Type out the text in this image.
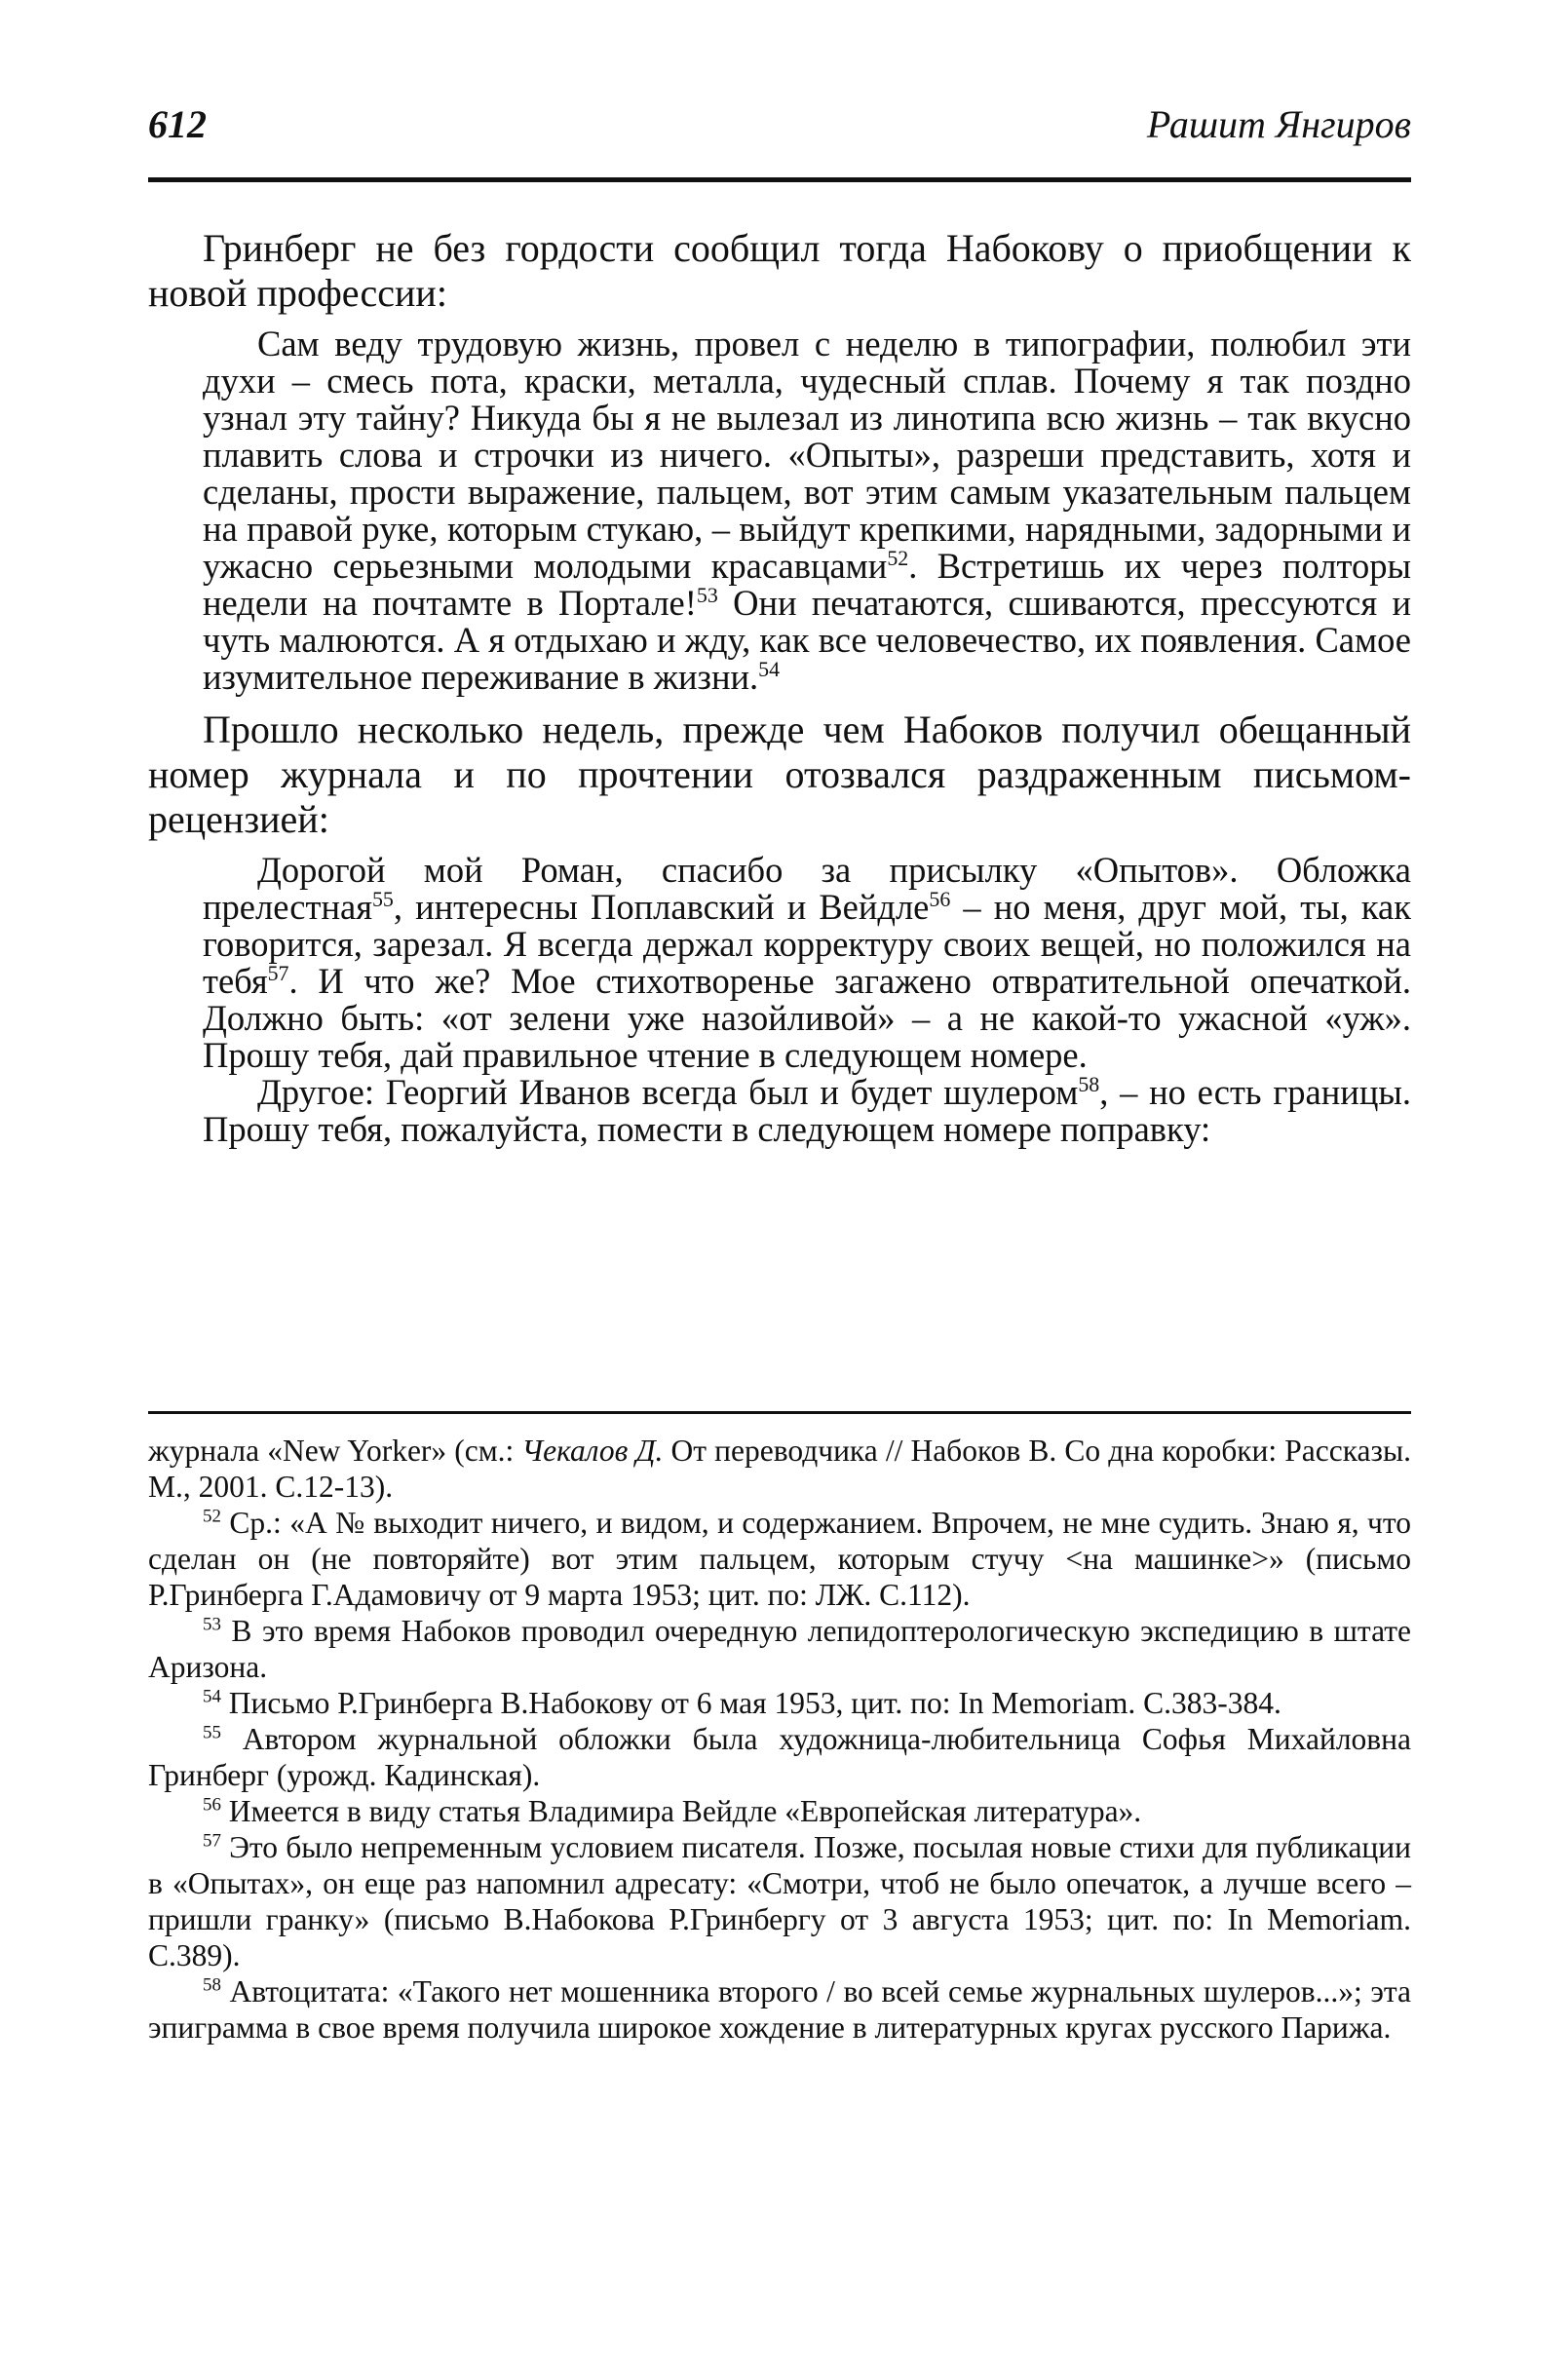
612	Рашит Янгиров

Гринберг не без гордости сообщил тогда Набокову о приобщении к новой профессии:

Сам веду трудовую жизнь, провел с неделю в типографии, полюбил эти духи – смесь пота, краски, металла, чудесный сплав. Почему я так поздно узнал эту тайну? Никуда бы я не вылезал из линотипа всю жизнь – так вкусно плавить слова и строчки из ничего. «Опыты», разреши представить, хотя и сделаны, прости выражение, пальцем, вот этим самым указательным пальцем на правой руке, которым стукаю, – выйдут крепкими, нарядными, задорными и ужасно серьезными молодыми красавцами$^{52}$. Встретишь их через полторы недели на почтамте в Портале!$^{53}$ Они печатаются, сшиваются, прессуются и чуть малюются. А я отдыхаю и жду, как все человечество, их появления. Самое изумительное переживание в жизни.$^{54}$

Прошло несколько недель, прежде чем Набоков получил обещанный номер журнала и по прочтении отозвался раздраженным письмом-рецензией:

Дорогой мой Роман, спасибо за присылку «Опытов». Обложка прелестная$^{55}$, интересны Поплавский и Вейдле$^{56}$ – но меня, друг мой, ты, как говорится, зарезал. Я всегда держал корректуру своих вещей, но положился на тебя$^{57}$. И что же? Мое стихотворенье загажено отвратительной опечаткой. Должно быть: «от зелени уже назойливой» – а не какой-то ужасной «уж». Прошу тебя, дай правильное чтение в следующем номере.

Другое: Георгий Иванов всегда был и будет шулером$^{58}$, – но есть границы. Прошу тебя, пожалуйста, помести в следующем номере поправку:

журнала «New Yorker» (см.: Чекалов Д. От переводчика // Набоков В. Со дна коробки: Рассказы. М., 2001. С.12-13).

$^{52}$ Ср.: «А № выходит ничего, и видом, и содержанием. Впрочем, не мне судить. Знаю я, что сделан он (не повторяйте) вот этим пальцем, которым стучу <на машинке>» (письмо Р.Гринберга Г.Адамовичу от 9 марта 1953; цит. по: ЛЖ. С.112).

$^{53}$ В это время Набоков проводил очередную лепидоптерологическую экспедицию в штате Аризона.

$^{54}$ Письмо Р.Гринберга В.Набокову от 6 мая 1953, цит. по: In Memoriam. С.383-384.

$^{55}$ Автором журнальной обложки была художница-любительница Софья Михайловна Гринберг (урожд. Кадинская).

$^{56}$ Имеется в виду статья Владимира Вейдле «Европейская литература».

$^{57}$ Это было непременным условием писателя. Позже, посылая новые стихи для публикации в «Опытах», он еще раз напомнил адресату: «Смотри, чтоб не было опечаток, а лучше всего – пришли гранку» (письмо В.Набокова Р.Гринбергу от 3 августа 1953; цит. по: In Memoriam. С.389).

$^{58}$ Автоцитата: «Такого нет мошенника второго / во всей семье журнальных шулеров...»; эта эпиграмма в свое время получила широкое хождение в литературных кругах русского Парижа.
